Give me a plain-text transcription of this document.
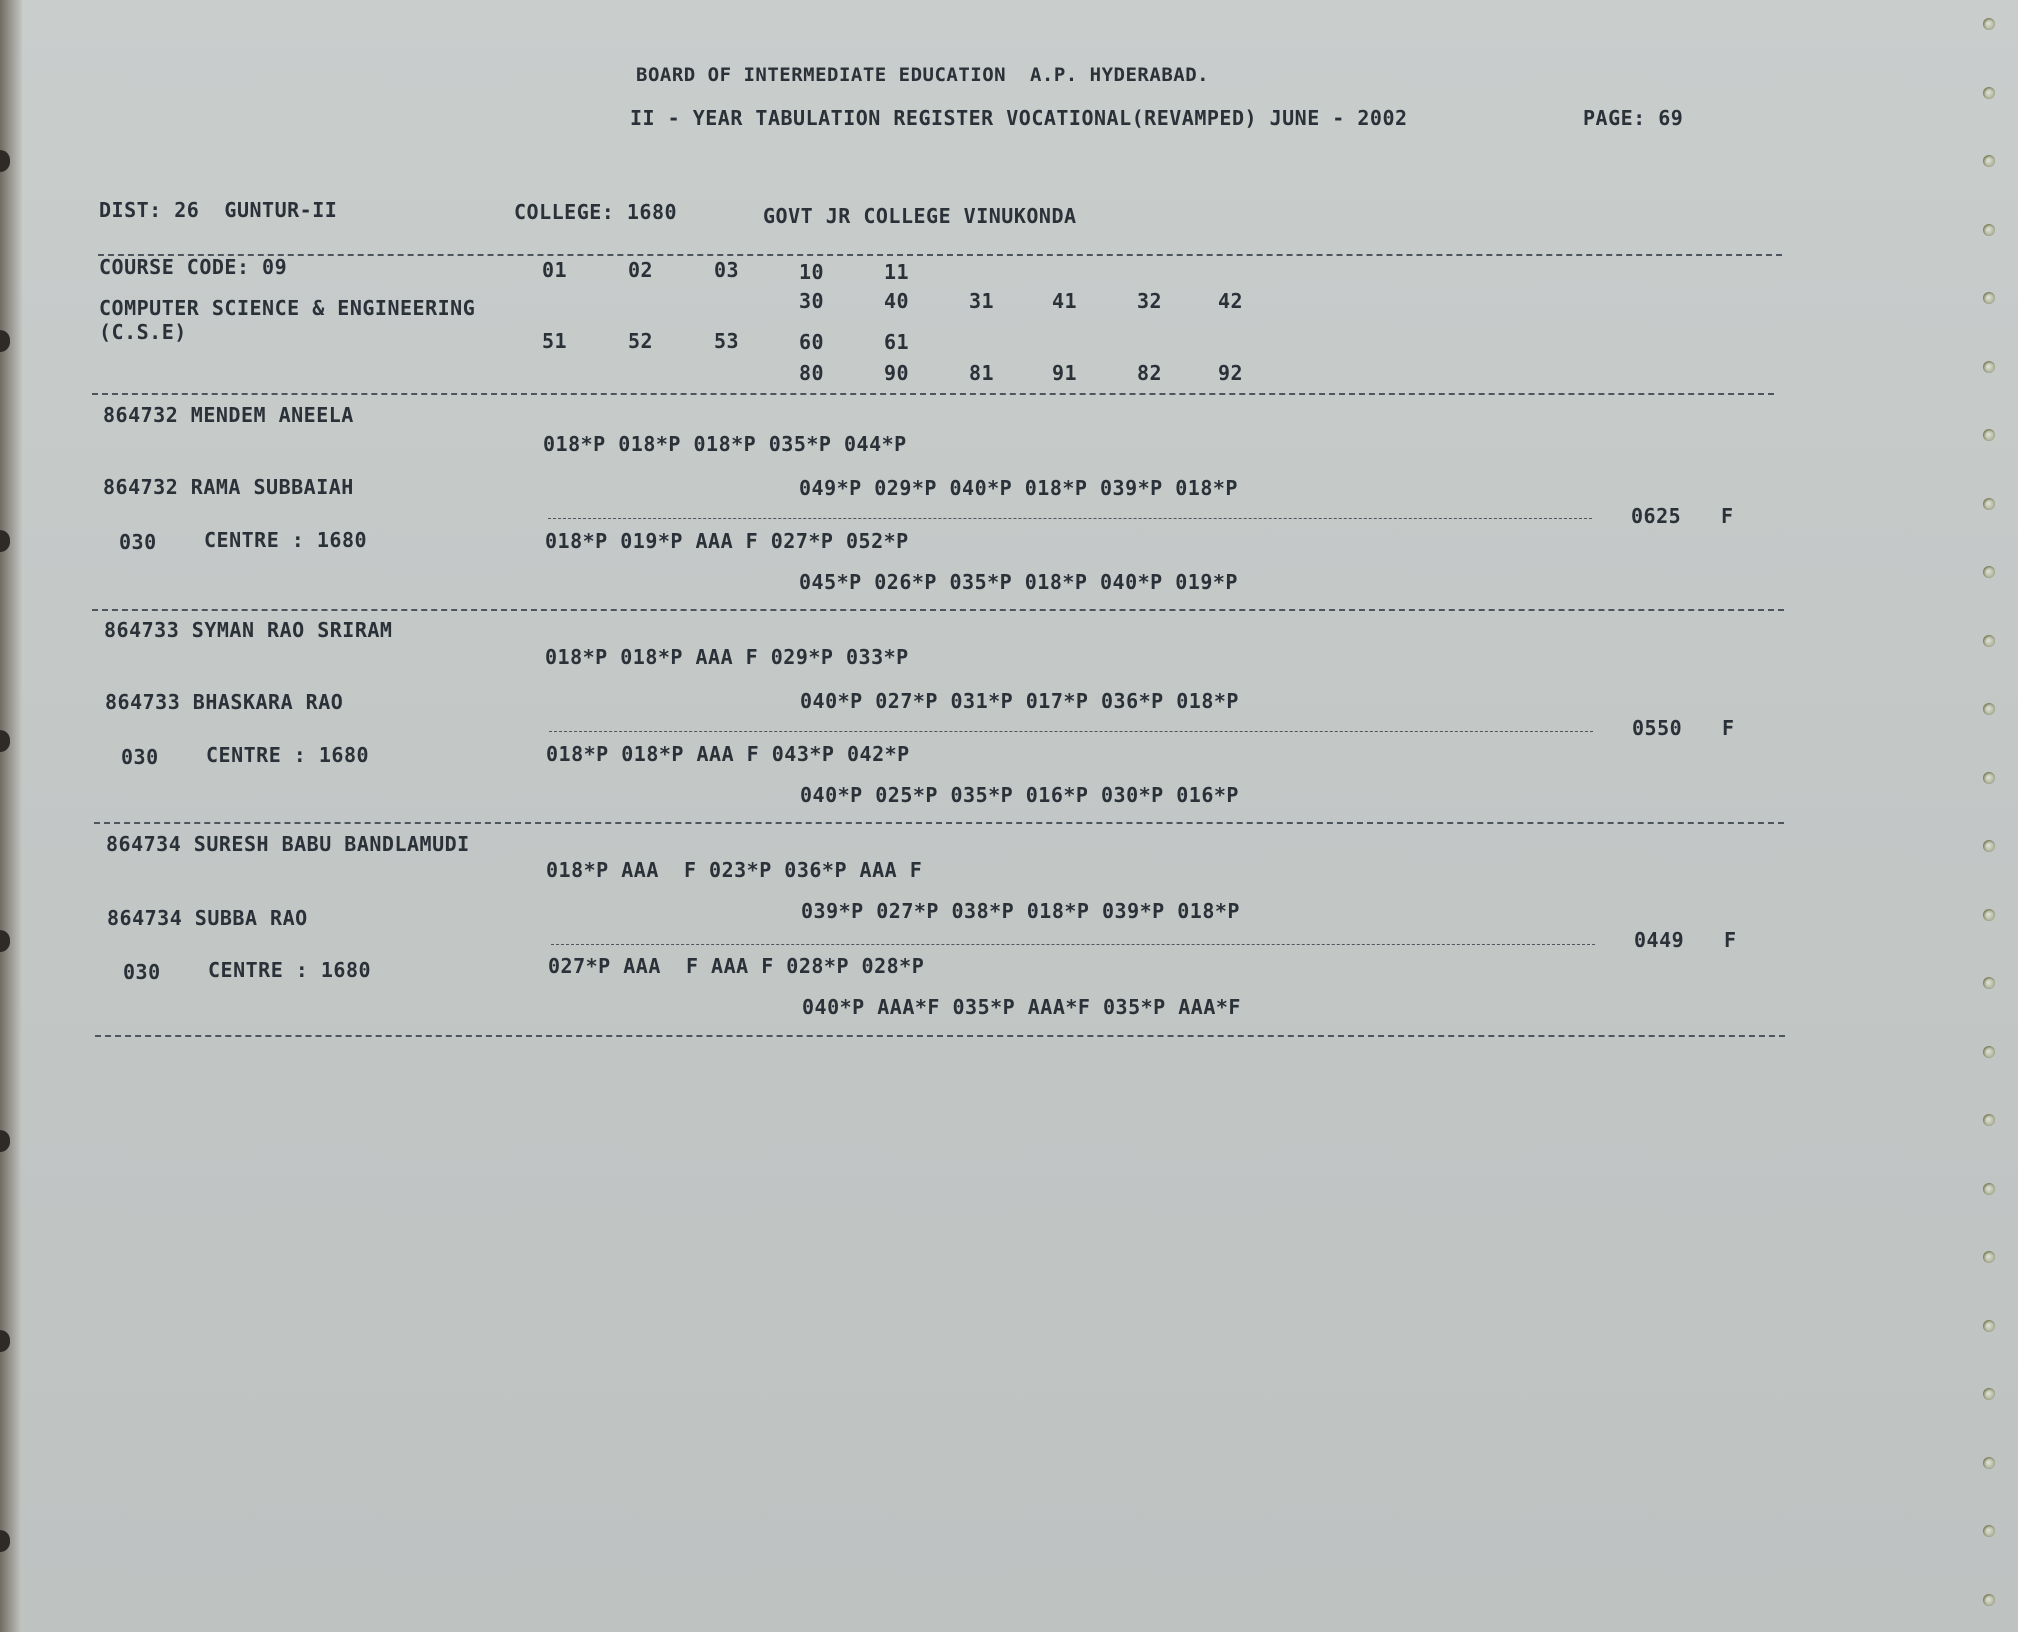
BOARD OF INTERMEDIATE EDUCATION  A.P. HYDERABAD.
II - YEAR TABULATION REGISTER VOCATIONAL(REVAMPED) JUNE - 2002	PAGE: 69
DIST: 26  GUNTUR-II	COLLEGE: 1680	GOVT JR COLLEGE VINUKONDA
COURSE CODE: 09
COMPUTER SCIENCE & ENGINEERING
(C.S.E)
01	02	03	10	11
30	40	31	41	32	42
51	52	53	60	61
80	90	81	91	82	92
864732 MENDEM ANEELA
018*P 018*P 018*P 035*P 044*P
864732 RAMA SUBBAIAH	049*P 029*P 040*P 018*P 039*P 018*P
0625 F
030 CENTRE : 1680	018*P 019*P AAA F 027*P 052*P
045*P 026*P 035*P 018*P 040*P 019*P
864733 SYMAN RAO SRIRAM
018*P 018*P AAA F 029*P 033*P
864733 BHASKARA RAO	040*P 027*P 031*P 017*P 036*P 018*P
0550 F
030 CENTRE : 1680	018*P 018*P AAA F 043*P 042*P
040*P 025*P 035*P 016*P 030*P 016*P
864734 SURESH BABU BANDLAMUDI
018*P AAA  F 023*P 036*P AAA F
864734 SUBBA RAO	039*P 027*P 038*P 018*P 039*P 018*P
0449 F
030 CENTRE : 1680	027*P AAA  F AAA F 028*P 028*P
040*P AAA*F 035*P AAA*F 035*P AAA*F
